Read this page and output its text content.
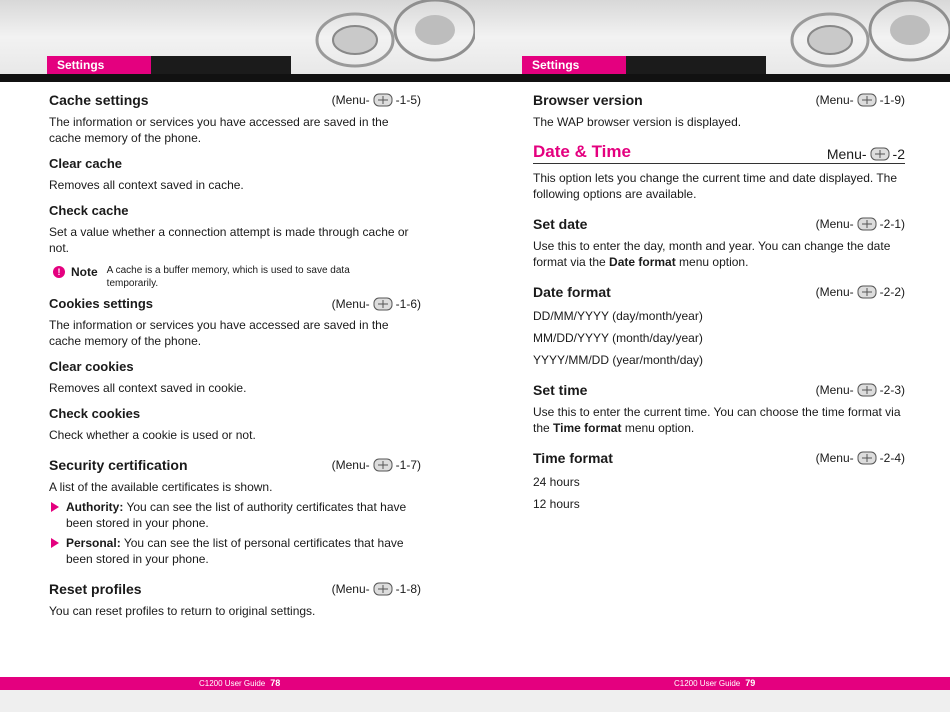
Settings
Cache settings	(Menu- -1-5)

The information or services you have accessed are saved in the cache memory of the phone.

Clear cache

Removes all context saved in cache.

Check cache

Set a value whether a connection attempt is made through cache or not.

! Note A cache is a buffer memory, which is used to save data temporarily.
Cookies settings	(Menu- -1-6)

The information or services you have accessed are saved in the cache memory of the phone.

Clear cookies

Removes all context saved in cookie.

Check cookies

Check whether a cookie is used or not.

Security certification	(Menu- -1-7)

A list of the available certificates is shown.

Authority: You can see the list of authority certificates that have been stored in your phone.
Personal: You can see the list of personal certificates that have been stored in your phone.
Reset profiles	(Menu- -1-8)

You can reset profiles to return to original settings.

C1200 User Guide 78
Settings
Browser version	(Menu- -1-9)

The WAP browser version is displayed.

Date & Time	Menu- -2

This option lets you change the current time and date displayed. The following options are available.

Set date	(Menu- -2-1)

Use this to enter the day, month and year. You can change the date format via the Date format menu option.

Date format	(Menu- -2-2)
DD/MM/YYYY (day/month/year)
MM/DD/YYYY (month/day/year)
YYYY/MM/DD (year/month/day)
Set time	(Menu- -2-3)

Use this to enter the current time. You can choose the time format via the Time format menu option.

Time format	(Menu- -2-4)
24 hours
12 hours
C1200 User Guide 79
